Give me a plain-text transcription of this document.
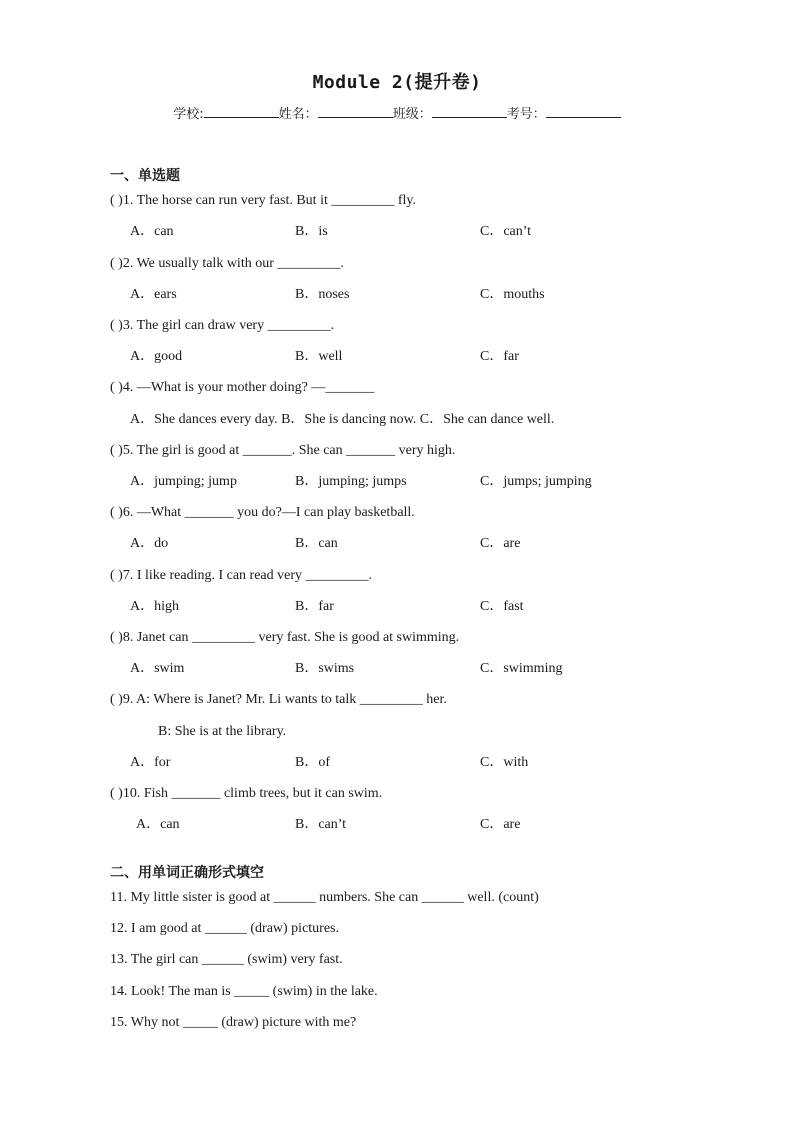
Module 2(提升卷)
学校:	姓名：	班级：	考号：
一、单选题
( )1. The horse can run very fast. But it _________ fly.
A．can	B．is	C．can’t
( )2. We usually talk with our _________.
A．ears	B．noses	C．mouths
( )3. The girl can draw very _________.
A．good	B．well	C．far
( )4. —What is your mother doing? —_______
A．She dances every day. B．She is dancing now. C．She can dance well.
( )5. The girl is good at _______. She can _______ very high.
A．jumping; jump	B．jumping; jumps	C．jumps; jumping
( )6. —What _______ you do?—I can play basketball.
A．do	B．can	C．are
( )7. I like reading. I can read very _________.
A．high	B．far	C．fast
( )8. Janet can _________ very fast. She is good at swimming.
A．swim	B．swims	C．swimming
( )9. A: Where is Janet? Mr. Li wants to talk _________ her.
B: She is at the library.
A．for	B．of	C．with
( )10. Fish _______ climb trees, but it can swim.
A．can	B．can’t	C．are
二、用单词正确形式填空
11. My little sister is good at ______ numbers. She can ______ well. (count)
12. I am good at ______ (draw) pictures.
13. The girl can ______ (swim) very fast.
14. Look! The man is _____ (swim) in the lake.
15. Why not _____ (draw) picture with me?
